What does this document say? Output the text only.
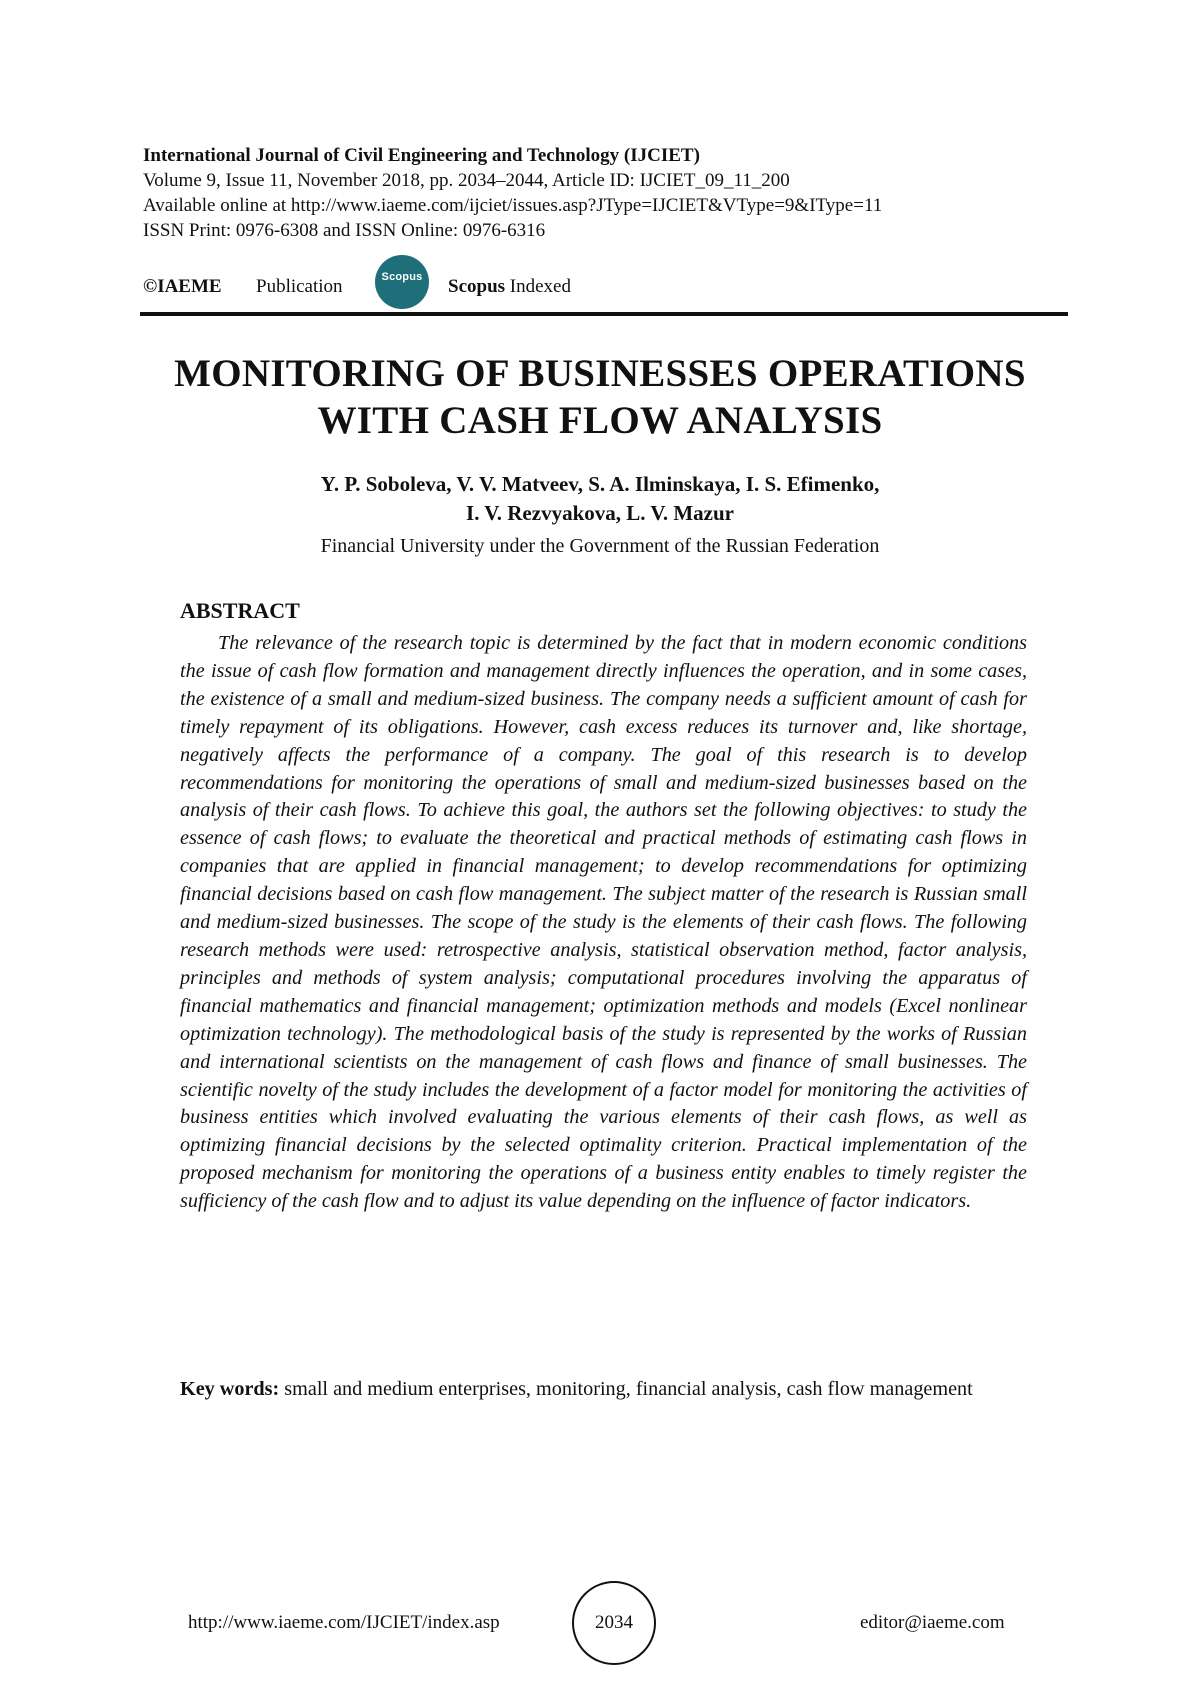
International Journal of Civil Engineering and Technology (IJCIET)
Volume 9, Issue 11, November 2018, pp. 2034–2044, Article ID: IJCIET_09_11_200
Available online at http://www.iaeme.com/ijciet/issues.asp?JType=IJCIET&VType=9&IType=11
ISSN Print: 0976-6308 and ISSN Online: 0976-6316
©IAEME Publication	Scopus Scopus Indexed
MONITORING OF BUSINESSES OPERATIONS
WITH CASH FLOW ANALYSIS
Y. P. Soboleva, V. V. Matveev, S. A. Ilminskaya, I. S. Efimenko,
I. V. Rezvyakova, L. V. Mazur
Financial University under the Government of the Russian Federation
ABSTRACT
The relevance of the research topic is determined by the fact that in modern economic conditions the issue of cash flow formation and management directly influences the operation, and in some cases, the existence of a small and medium-sized business. The company needs a sufficient amount of cash for timely repayment of its obligations. However, cash excess reduces its turnover and, like shortage, negatively affects the performance of a company. The goal of this research is to develop recommendations for monitoring the operations of small and medium-sized businesses based on the analysis of their cash flows. To achieve this goal, the authors set the following objectives: to study the essence of cash flows; to evaluate the theoretical and practical methods of estimating cash flows in companies that are applied in financial management; to develop recommendations for optimizing financial decisions based on cash flow management. The subject matter of the research is Russian small and medium-sized businesses. The scope of the study is the elements of their cash flows. The following research methods were used: retrospective analysis, statistical observation method, factor analysis, principles and methods of system analysis; computational procedures involving the apparatus of financial mathematics and financial management; optimization methods and models (Excel nonlinear optimization technology). The methodological basis of the study is represented by the works of Russian and international scientists on the management of cash flows and finance of small businesses. The scientific novelty of the study includes the development of a factor model for monitoring the activities of business entities which involved evaluating the various elements of their cash flows, as well as optimizing financial decisions by the selected optimality criterion. Practical implementation of the proposed mechanism for monitoring the operations of a business entity enables to timely register the sufficiency of the cash flow and to adjust its value depending on the influence of factor indicators.
Key words: small and medium enterprises, monitoring, financial analysis, cash flow management
http://www.iaeme.com/IJCIET/index.asp	2034	editor@iaeme.com
